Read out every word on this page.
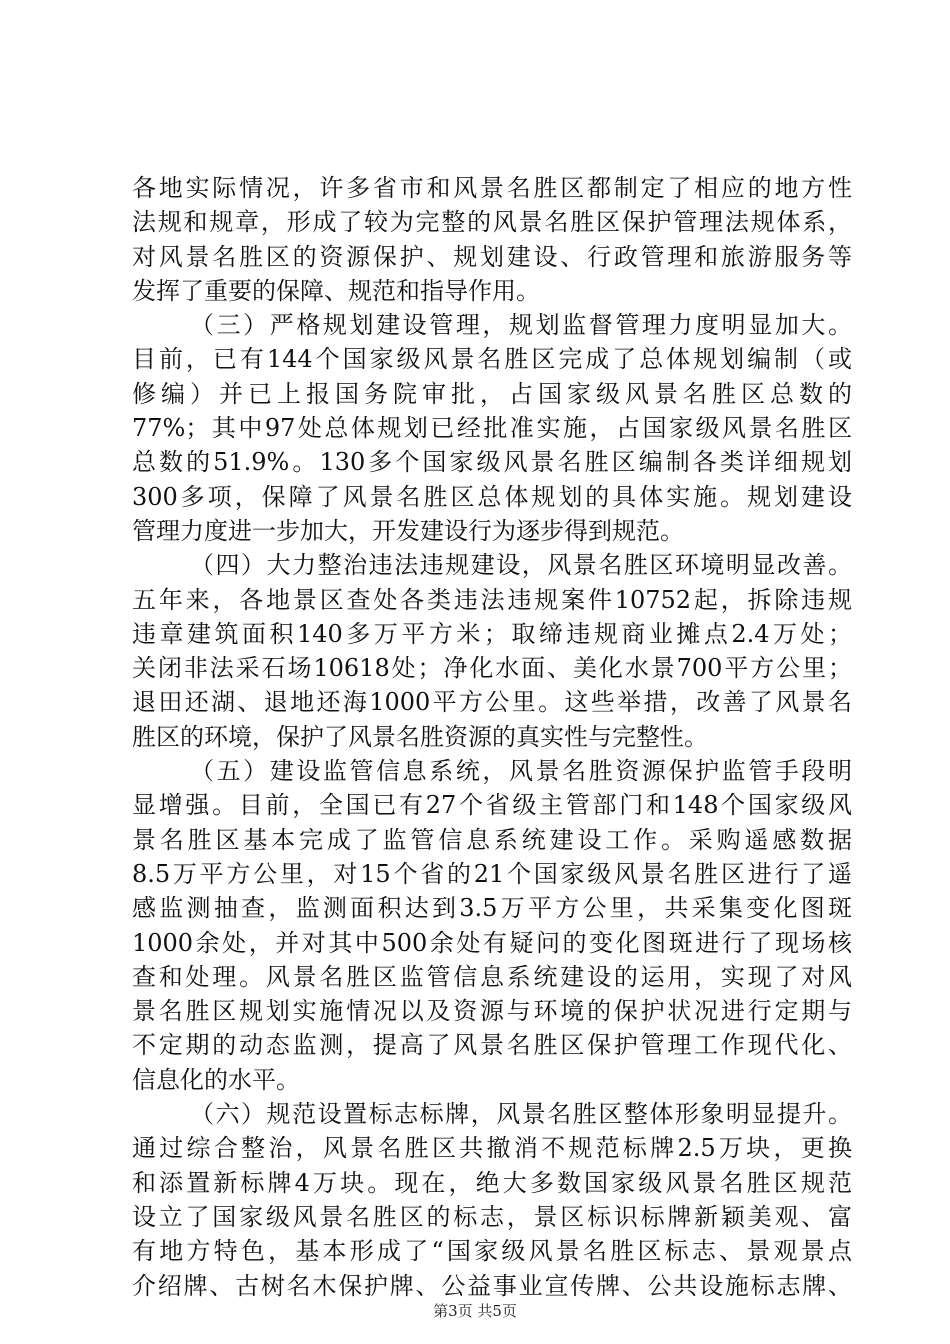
各地实际情况，许多省市和风景名胜区都制定了相应的地方性
法规和规章，形成了较为完整的风景名胜区保护管理法规体系，
对风景名胜区的资源保护、规划建设、行政管理和旅游服务等
发挥了重要的保障、规范和指导作用。
（三）严格规划建设管理，规划监督管理力度明显加大。
目前，已有144个国家级风景名胜区完成了总体规划编制（或
修编）并已上报国务院审批，占国家级风景名胜区总数的
77%；其中97处总体规划已经批准实施，占国家级风景名胜区
总数的51.9%。130多个国家级风景名胜区编制各类详细规划
300多项，保障了风景名胜区总体规划的具体实施。规划建设
管理力度进一步加大，开发建设行为逐步得到规范。
（四）大力整治违法违规建设，风景名胜区环境明显改善。
五年来，各地景区查处各类违法违规案件10752起，拆除违规
违章建筑面积140多万平方米；取缔违规商业摊点2.4万处；
关闭非法采石场10618处；净化水面、美化水景700平方公里；
退田还湖、退地还海1000平方公里。这些举措，改善了风景名
胜区的环境，保护了风景名胜资源的真实性与完整性。
（五）建设监管信息系统，风景名胜资源保护监管手段明
显增强。目前，全国已有27个省级主管部门和148个国家级风
景名胜区基本完成了监管信息系统建设工作。采购遥感数据
8.5万平方公里，对15个省的21个国家级风景名胜区进行了遥
感监测抽查，监测面积达到3.5万平方公里，共采集变化图斑
1000余处，并对其中500余处有疑问的变化图斑进行了现场核
查和处理。风景名胜区监管信息系统建设的运用，实现了对风
景名胜区规划实施情况以及资源与环境的保护状况进行定期与
不定期的动态监测，提高了风景名胜区保护管理工作现代化、
信息化的水平。
（六）规范设置标志标牌，风景名胜区整体形象明显提升。
通过综合整治，风景名胜区共撤消不规范标牌2.5万块，更换
和添置新标牌4万块。现在，绝大多数国家级风景名胜区规范
设立了国家级风景名胜区的标志，景区标识标牌新颖美观、富
有地方特色，基本形成了“国家级风景名胜区标志、景观景点
介绍牌、古树名木保护牌、公益事业宣传牌、公共设施标志牌、
第3页 共5页
